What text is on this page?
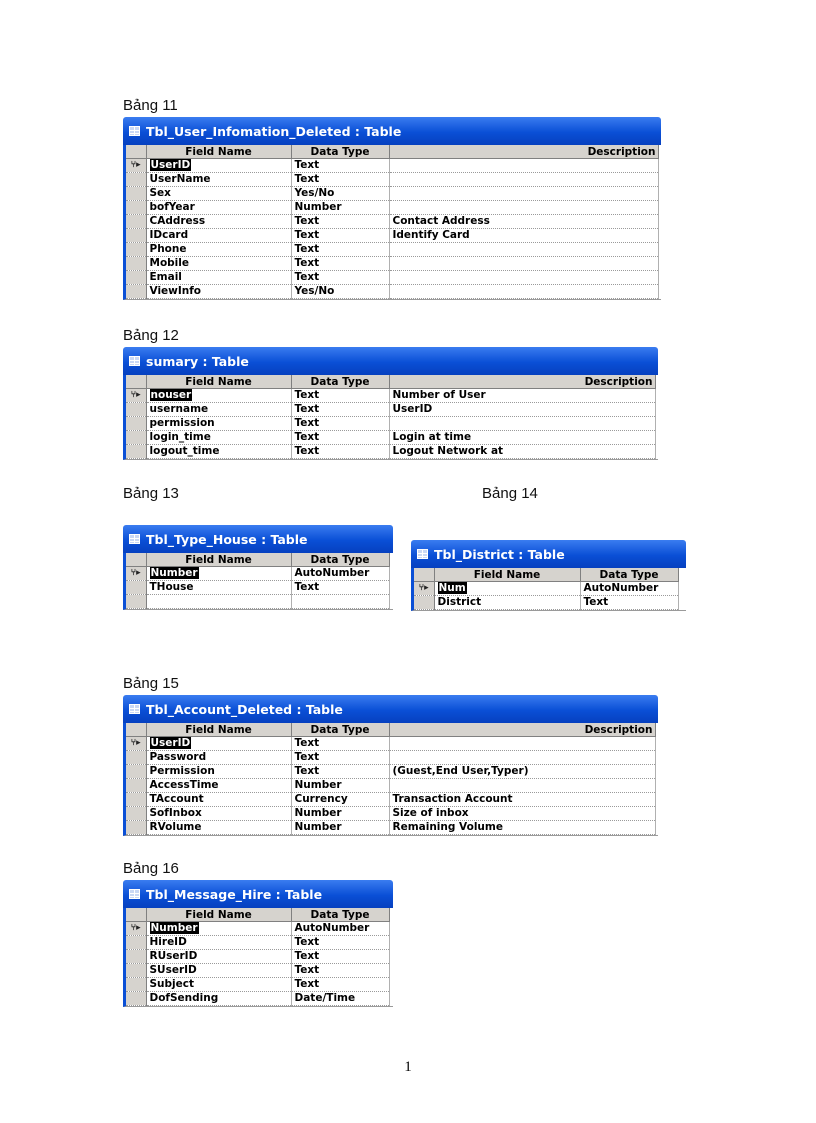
Bảng 11
Tbl_User_Infomation_Deleted : Table
	Field Name	Data Type	Description
⑂▸	UserID	Text	
	UserName	Text	
	Sex	Yes/No	
	bofYear	Number	
	CAddress	Text	Contact Address
	IDcard	Text	Identify Card
	Phone	Text	
	Mobile	Text	
	Email	Text	
	ViewInfo	Yes/No	
Bảng 12
sumary : Table
	Field Name	Data Type	Description
⑂▸	nouser	Text	Number of User
	username	Text	UserID
	permission	Text	
	login_time	Text	Login at time
	logout_time	Text	Logout Network at
Bảng 13	Bảng 14
Tbl_Type_House : Table
	Field Name	Data Type
⑂▸	Number	AutoNumber
	THouse	Text

Tbl_District : Table
	Field Name	Data Type
⑂▸	Num	AutoNumber
	District	Text
Bảng 15
Tbl_Account_Deleted : Table
	Field Name	Data Type	Description
⑂▸	UserID	Text	
	Password	Text	
	Permission	Text	(Guest,End User,Typer)
	AccessTime	Number	
	TAccount	Currency	Transaction Account
	SofInbox	Number	Size of inbox
	RVolume	Number	Remaining Volume
Bảng 16
Tbl_Message_Hire : Table
	Field Name	Data Type
⑂▸	Number	AutoNumber
	HireID	Text
	RUserID	Text
	SUserID	Text
	Subject	Text
	DofSending	Date/Time
1
